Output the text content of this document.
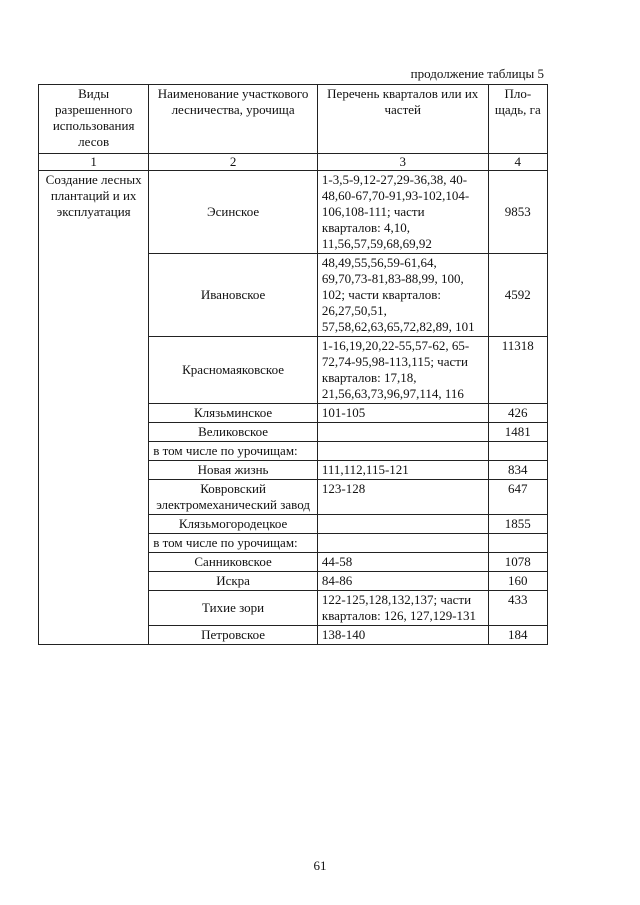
продолжение таблицы 5
Виды разрешенного использования лесов	Наименование участкового лесничества, урочища	Перечень кварталов или их частей	Пло-щадь, га
1	2	3	4
Создание лесных плантаций и их эксплуатация	Эсинское	1-3,5-9,12-27,29-36,38, 40-48,60-67,70-91,93-102,104-106,108-111; части кварталов: 4,10, 11,56,57,59,68,69,92	9853
	Ивановское	48,49,55,56,59-61,64, 69,70,73-81,83-88,99, 100, 102; части кварталов: 26,27,50,51, 57,58,62,63,65,72,82,89, 101	4592
	Красномаяковское	1-16,19,20,22-55,57-62, 65-72,74-95,98-113,115; части кварталов: 17,18, 21,56,63,73,96,97,114, 116	11318
	Клязьминское	101-105	426
	Великовское		1481
	в том числе по урочищам:		
	Новая жизнь	111,112,115-121	834
	Ковровский электромеханический завод	123-128	647
	Клязьмогородецкое		1855
	в том числе по урочищам:		
	Санниковское	44-58	1078
	Искра	84-86	160
	Тихие зори	122-125,128,132,137; части кварталов: 126, 127,129-131	433
	Петровское	138-140	184
61
